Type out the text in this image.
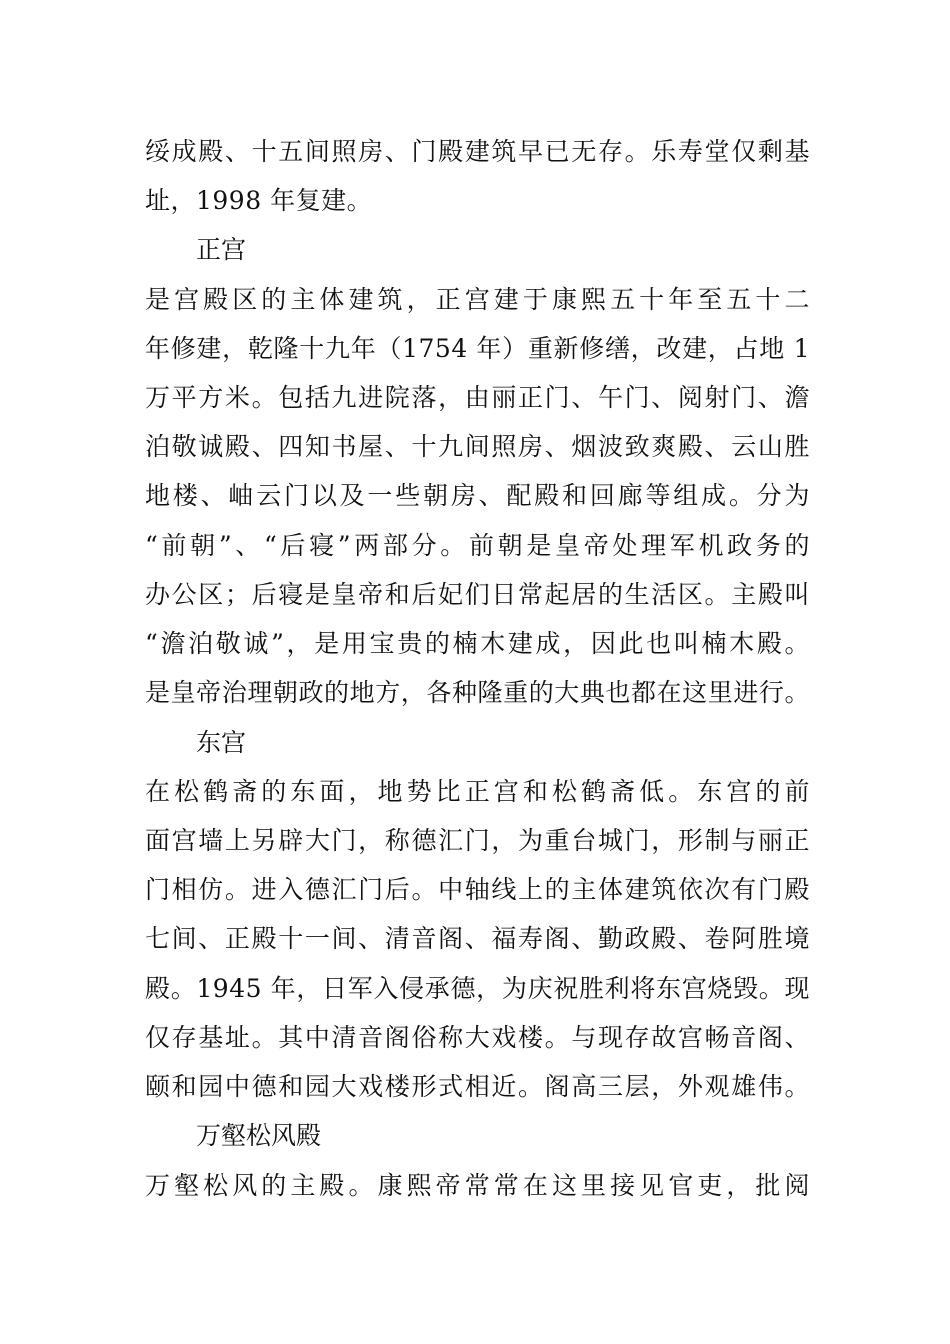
绥成殿、十五间照房、门殿建筑早已无存。乐寿堂仅剩基
址，1998 年复建。
正宫
是宫殿区的主体建筑，正宫建于康熙五十年至五十二
年修建，乾隆十九年（1754 年）重新修缮，改建，占地 1
万平方米。包括九进院落，由丽正门、午门、阅射门、澹
泊敬诚殿、四知书屋、十九间照房、烟波致爽殿、云山胜
地楼、岫云门以及一些朝房、配殿和回廊等组成。分为
“前朝”、“后寝”两部分。前朝是皇帝处理军机政务的
办公区；后寝是皇帝和后妃们日常起居的生活区。主殿叫
“澹泊敬诚”，是用宝贵的楠木建成，因此也叫楠木殿。
是皇帝治理朝政的地方，各种隆重的大典也都在这里进行。
东宫
在松鹤斋的东面，地势比正宫和松鹤斋低。东宫的前
面宫墙上另辟大门，称德汇门，为重台城门，形制与丽正
门相仿。进入德汇门后。中轴线上的主体建筑依次有门殿
七间、正殿十一间、清音阁、福寿阁、勤政殿、卷阿胜境
殿。1945 年，日军入侵承德，为庆祝胜利将东宫烧毁。现
仅存基址。其中清音阁俗称大戏楼。与现存故宫畅音阁、
颐和园中德和园大戏楼形式相近。阁高三层，外观雄伟。
万壑松风殿
万壑松风的主殿。康熙帝常常在这里接见官吏，批阅
